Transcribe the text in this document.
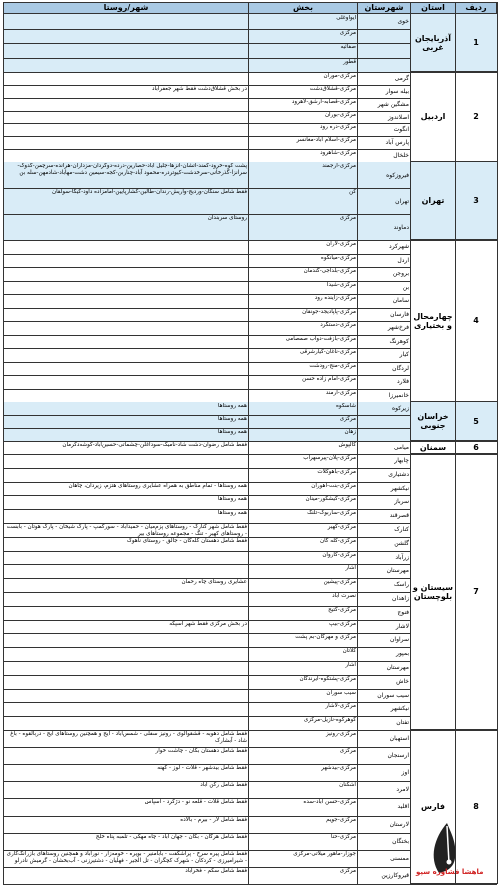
ردیف
استان
شهرستان
بخش
شهر/روستا
1
آذربایجان غربی
خوی
ایواوغلی
مرکزی
صفائیه
قطور
2
اردبیل
گرمی
مرکزی-موران
بیله سوار
مرکزی-قشلاق‌دشت
در بخش قشلاق‌دشت فقط شهر جعفرآباد
مشگین شهر
مرکزی-قصابه-ارشق-لاهرود
اصلاندوز
مرکزی-بوران
انگوت
مرکزی-دره رود
پارس آباد
مرکزی-اسلام آباد-مغانسر
خلخال
مرکزی-شاهرود
3
تهران
فیروزکوه
مرکزی-ارجمند
پشت کوه-خرود-کمند-آتشان-انزها-جلیل آباد-حصارین-درده-دوگردان-مزداران-هرانده-سرچمن-گدوک-سرانزا-گذرخانی-سرخدشت-کیوتردره-محمود آباد-چناربن-کجه-سیمین دشت-مهاباد-شادمهن-سله بن
تهران
کن
فقط شامل سنگان-وردیج-واریش-رندان-طالین-کشارپایین-امامزاده داود-کیگا-سولقان
دماوند
مرکزی
روستای سربندان
4
چهارمحال و بختیاری
شهرکرد
مرکزی-لاران
اردل
مرکزی-میانکوه
بروجن
مرکزی-بلداجی-گندمان
بن
مرکزی-شیدا
سامان
مرکزی-زاینده رود
فارسان
مرکزی-پاپادیجد-جونقان
فرخ‌شهر
مرکزی-دستگرد
کوهرنگ
مرکزی-بازفت-دوآب صمصامی
کیار
مرکزی-ناغان-کیارشرقی
لردگان
مرکزی-منج-رودشت
فلارد
مرکزی-امام زاده حسن
خانمیرزا
مرکزی-ارمند
5
خراسان جنوبی
زیرکوه
شاسکوه
همه روستاها
مرکزی
همه روستاها
زهان
همه روستاها
6
سمنان
میامی
کالپوش
فقط شامل رضوان-دشت شاد-نامیک-سوداغلن-چشماتی-حسین‌آباد-کوشه‌دکرمان
7
سیستان و بلوچستان
چابهار
مرکزی-پلان-پیرسهراب
دشتیاری
مرکزی-باهوکلات
نیکشهر
مرکزی-بنت-آهوران
همه روستاها - تمام مناطق به همراه عشایری روستاهای هتزم، زیردان، چاهان
سرباز
مرکزی-کیشکور-مینان
همه روستاها
قصرقند
مرکزی-ساربوک-تلنگ
همه روستاها
کنارک
مرکزی-کهیر
فقط شامل شهر کنارک - روستاهای پزم‌میان - حمیدآباد - سورکمپ - پارک شیخان - پارک هوتان - بابست - روستاهای کهیر - تنگ - مجموعه روستاهای بیر
گلشن
مرکزی-کله گان
فقط شامل دهستان کله‌گان - جالق - روستای ناهوک
زرآباد
مرکزی-کاروان
مهرستان
آشار
راسک
مرکزی-پیشین
عشایری روستای چاه رحمان
زاهدان
نصرت آباد
فنوج
مرکزی-گتیج
لاشار
مرکزی-بیپ
در بخش مرکزی فقط شهر اسپکه
سراوان
مرکزی و مهرگان-بم پشت
بمپور
کلاتان
مهرستان
آشار
خاش
مرکزی-پشتکوه-ایرندگان
سیب سوران
سیب سوران
نیکشهر
مرکزی-لاشار
تفتان
گوهرکوه-نازیل-مرکزی
8
فارس
استهبان
مرکزی-رونیز
فقط شامل دهوبه - قشقوالوی - رونیز سفلی - شمس‌آباد - ایج و همچنین روستاهای ایج - دربالقوه - باغ شاد - آبشارک
ارسنجان
مرکزی
فقط شامل دهستان بکان - چاشت خوار
اوز
مرکزی-بیدشهر
فقط شامل بیدشهر - قلات - لوز - کهنه
لامرد
اشکنان
فقط شامل رکن آباد
اقلید
مرکزی-حسن آباد-سده
فقط شامل قلات - قلعه نو - دژکرد - اسپاس
لارستان
مرکزی-جویم
فقط شامل لار - بیرم - بالاده
بختگان
مرکزی-حنا
فقط شامل هرگان - بکان - جهان آباد - چاه مهکی - تلمبه پناه خلج
ممسنی
جوزار-ماهور میلاتی-مرکزی
فقط شامل پیره سرخ - پراشکفت - بابامنیر - بویره - خومه‌زار - نورآباد و همچنین روستاهای بازرانگ‌کاری - شیرامیرزی - کردکان - شهرک کچگران - تل الجیر - فهلیان - دشتیرزنی - آب‌بخشان - گرمیش نادرلو
قیروکارزین
مرکزی
فقط شامل سکم - فخرآباد	ماهشا فشاوره سپو
